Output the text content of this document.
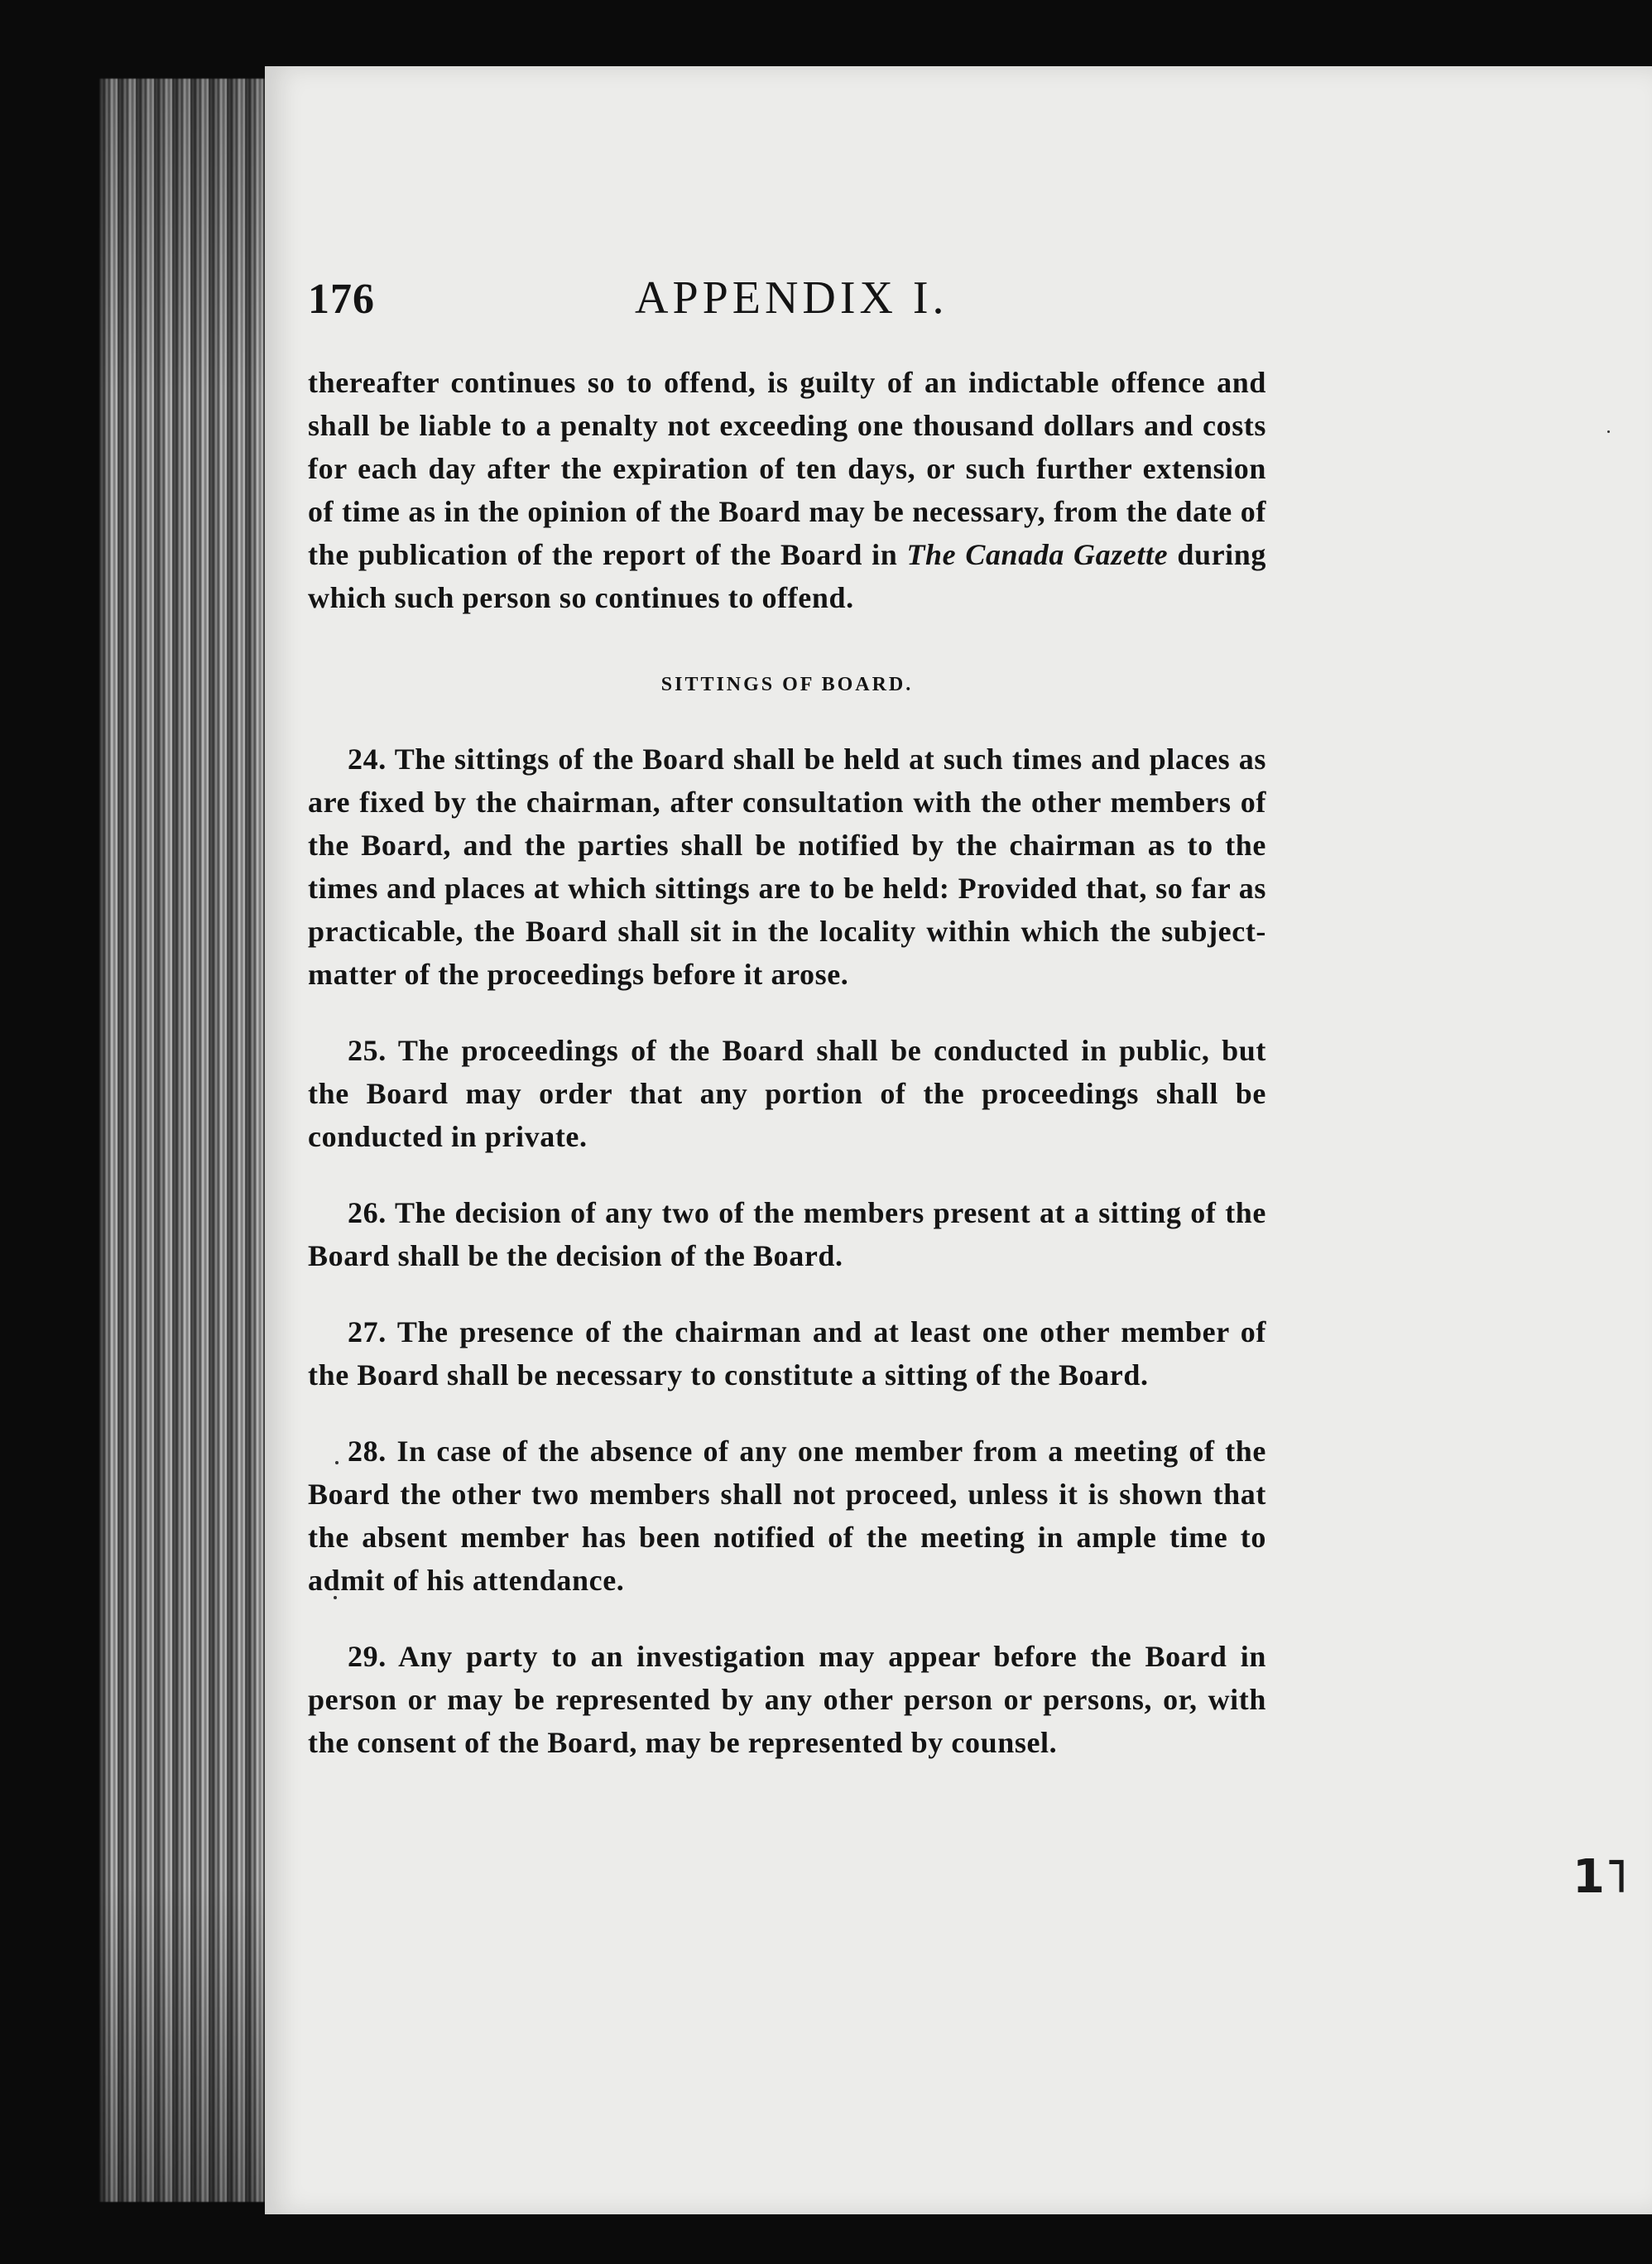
176	APPENDIX I.

thereafter continues so to offend, is guilty of an indictable offence and shall be liable to a penalty not exceeding one thousand dollars and costs for each day after the expiration of ten days, or such further extension of time as in the opinion of the Board may be necessary, from the date of the publication of the report of the Board in The Canada Gazette during which such person so continues to offend.

SITTINGS OF BOARD.

24. The sittings of the Board shall be held at such times and places as are fixed by the chairman, after consultation with the other members of the Board, and the parties shall be notified by the chairman as to the times and places at which sittings are to be held: Provided that, so far as practicable, the Board shall sit in the locality within which the subject-matter of the proceedings before it arose.

25. The proceedings of the Board shall be conducted in public, but the Board may order that any portion of the proceedings shall be conducted in private.

26. The decision of any two of the members present at a sitting of the Board shall be the decision of the Board.

27. The presence of the chairman and at least one other member of the Board shall be necessary to constitute a sitting of the Board.

28. In case of the absence of any one member from a meeting of the Board the other two members shall not proceed, unless it is shown that the absent member has been notified of the meeting in ample time to admit of his attendance.

29. Any party to an investigation may appear before the Board in person or may be represented by any other person or persons, or, with the consent of the Board, may be represented by counsel.

1˥
